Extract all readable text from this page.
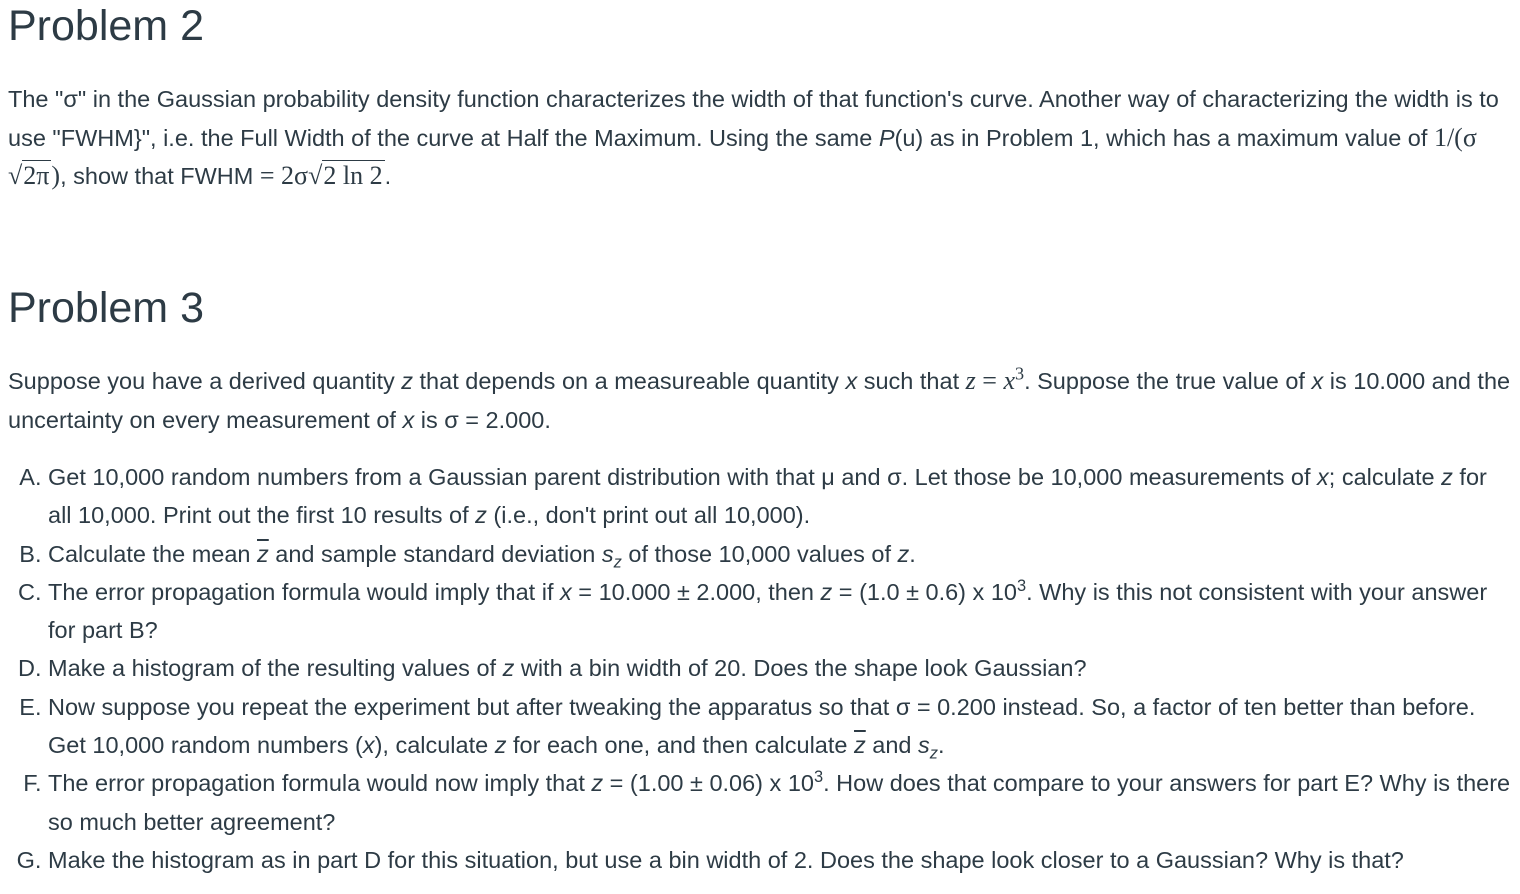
Problem 2

The "σ" in the Gaussian probability density function characterizes the width of that function's curve. Another way of characterizing the width is to use "FWHM}", i.e. the Full Width of the curve at Half the Maximum. Using the same P(u) as in Problem 1, which has a maximum value of 1/(σ√2π), show that FWHM = 2σ√2 ln 2.

Problem 3

Suppose you have a derived quantity z that depends on a measureable quantity x such that $z = x^3$. Suppose the true value of x is 10.000 and the uncertainty on every measurement of x is σ = 2.000.

A. Get 10,000 random numbers from a Gaussian parent distribution with that μ and σ. Let those be 10,000 measurements of x; calculate z for all 10,000. Print out the first 10 results of z (i.e., don't print out all 10,000).
B. Calculate the mean $\overline{z}$ and sample standard deviation $s_z$ of those 10,000 values of z.
C. The error propagation formula would imply that if x = 10.000 ± 2.000, then z = (1.0 ± 0.6) x $10^3$. Why is this not consistent with your answer for part B?
D. Make a histogram of the resulting values of z with a bin width of 20. Does the shape look Gaussian?
E. Now suppose you repeat the experiment but after tweaking the apparatus so that σ = 0.200 instead. So, a factor of ten better than before. Get 10,000 random numbers (x), calculate z for each one, and then calculate $\overline{z}$ and $s_z$.
F. The error propagation formula would now imply that z = (1.00 ± 0.06) x $10^3$. How does that compare to your answers for part E? Why is there so much better agreement?
G. Make the histogram as in part D for this situation, but use a bin width of 2. Does the shape look closer to a Gaussian? Why is that?
